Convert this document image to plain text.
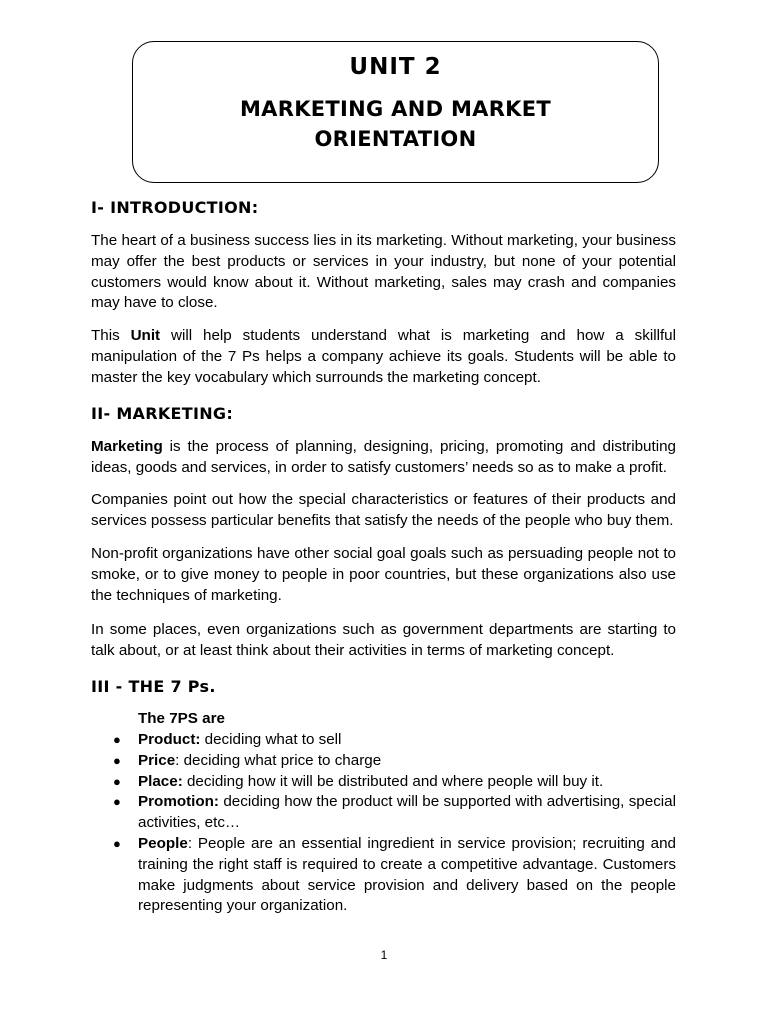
UNIT 2
MARKETING AND MARKET
ORIENTATION
I- INTRODUCTION:

The heart of a business success lies in its marketing. Without marketing, your business may offer the best products or services in your industry, but none of your potential customers would know about it. Without marketing, sales may crash and companies may have to close.

This Unit will help students understand what is marketing and how a skillful manipulation of the 7 Ps helps a company achieve its goals. Students will be able to master the key vocabulary which surrounds the marketing concept.

II- MARKETING:

Marketing is the process of planning, designing, pricing, promoting and distributing ideas, goods and services, in order to satisfy customers’ needs so as to make a profit.

Companies point out how the special characteristics or features of their products and services possess particular benefits that satisfy the needs of the people who buy them.

Non-profit organizations have other social goal goals such as persuading people not to smoke, or to give money to people in poor countries, but these organizations also use the techniques of marketing.

In some places, even organizations such as government departments are starting to talk about, or at least think about their activities in terms of marketing concept.

III - THE 7 Ps.

The 7PS are

● Product: deciding what to sell
● Price: deciding what price to charge
● Place: deciding how it will be distributed and where people will buy it.
● Promotion: deciding how the product will be supported with advertising, special activities, etc…
● People: People are an essential ingredient in service provision; recruiting and training the right staff is required to create a competitive advantage. Customers make judgments about service provision and delivery based on the people representing your organization.
1
